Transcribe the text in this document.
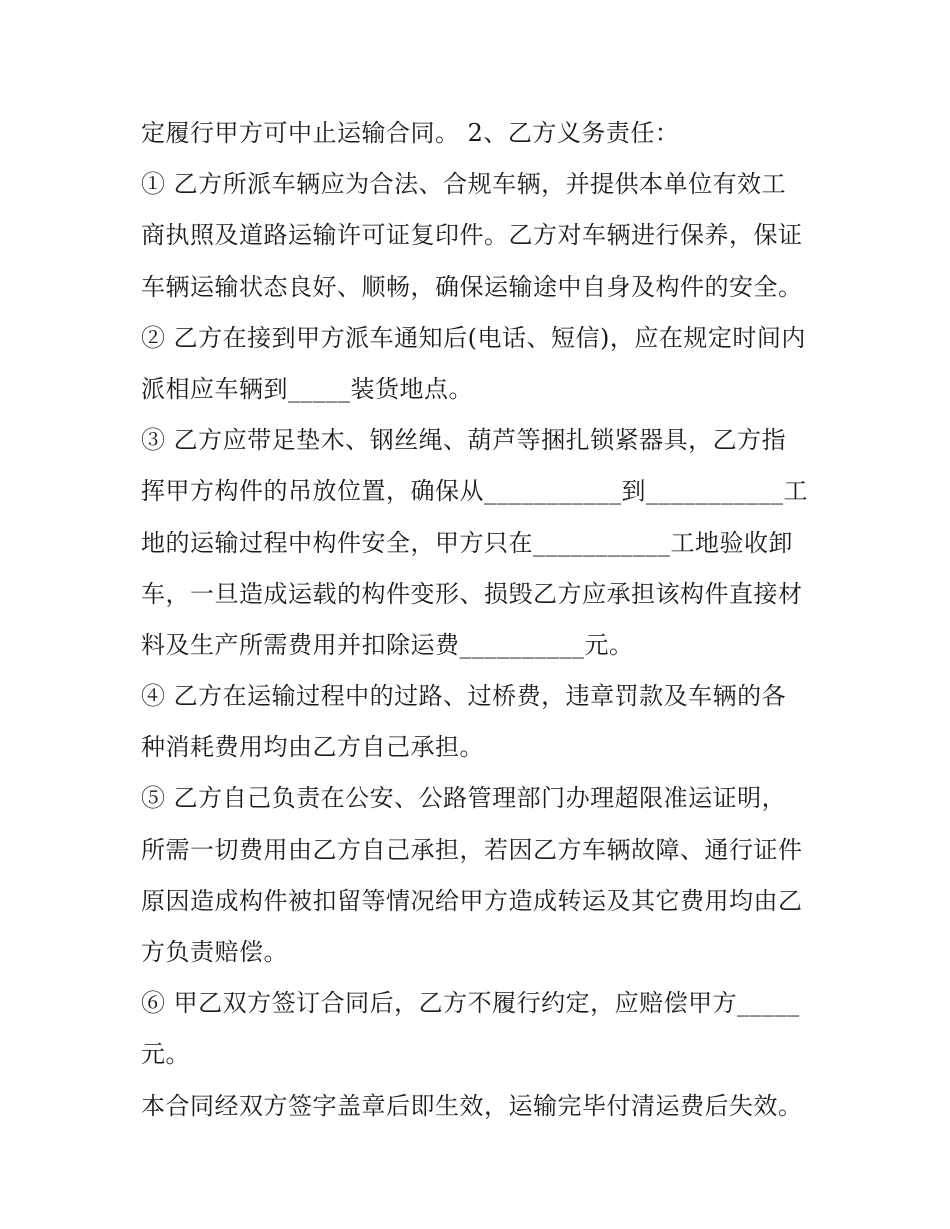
定履行甲方可中止运输合同。 2、乙方义务责任：
① 乙方所派车辆应为合法、合规车辆，并提供本单位有效工
商执照及道路运输许可证复印件。乙方对车辆进行保养，保证
车辆运输状态良好、顺畅，确保运输途中自身及构件的安全。
② 乙方在接到甲方派车通知后(电话、短信)，应在规定时间内
派相应车辆到_____装货地点。
③ 乙方应带足垫木、钢丝绳、葫芦等捆扎锁紧器具，乙方指
挥甲方构件的吊放位置，确保从___________到___________工
地的运输过程中构件安全，甲方只在___________工地验收卸
车，一旦造成运载的构件变形、损毁乙方应承担该构件直接材
料及生产所需费用并扣除运费__________元。
④ 乙方在运输过程中的过路、过桥费，违章罚款及车辆的各
种消耗费用均由乙方自己承担。
⑤ 乙方自己负责在公安、公路管理部门办理超限准运证明，
所需一切费用由乙方自己承担，若因乙方车辆故障、通行证件
原因造成构件被扣留等情况给甲方造成转运及其它费用均由乙
方负责赔偿。
⑥ 甲乙双方签订合同后，乙方不履行约定，应赔偿甲方_____
元。
本合同经双方签字盖章后即生效，运输完毕付清运费后失效。
